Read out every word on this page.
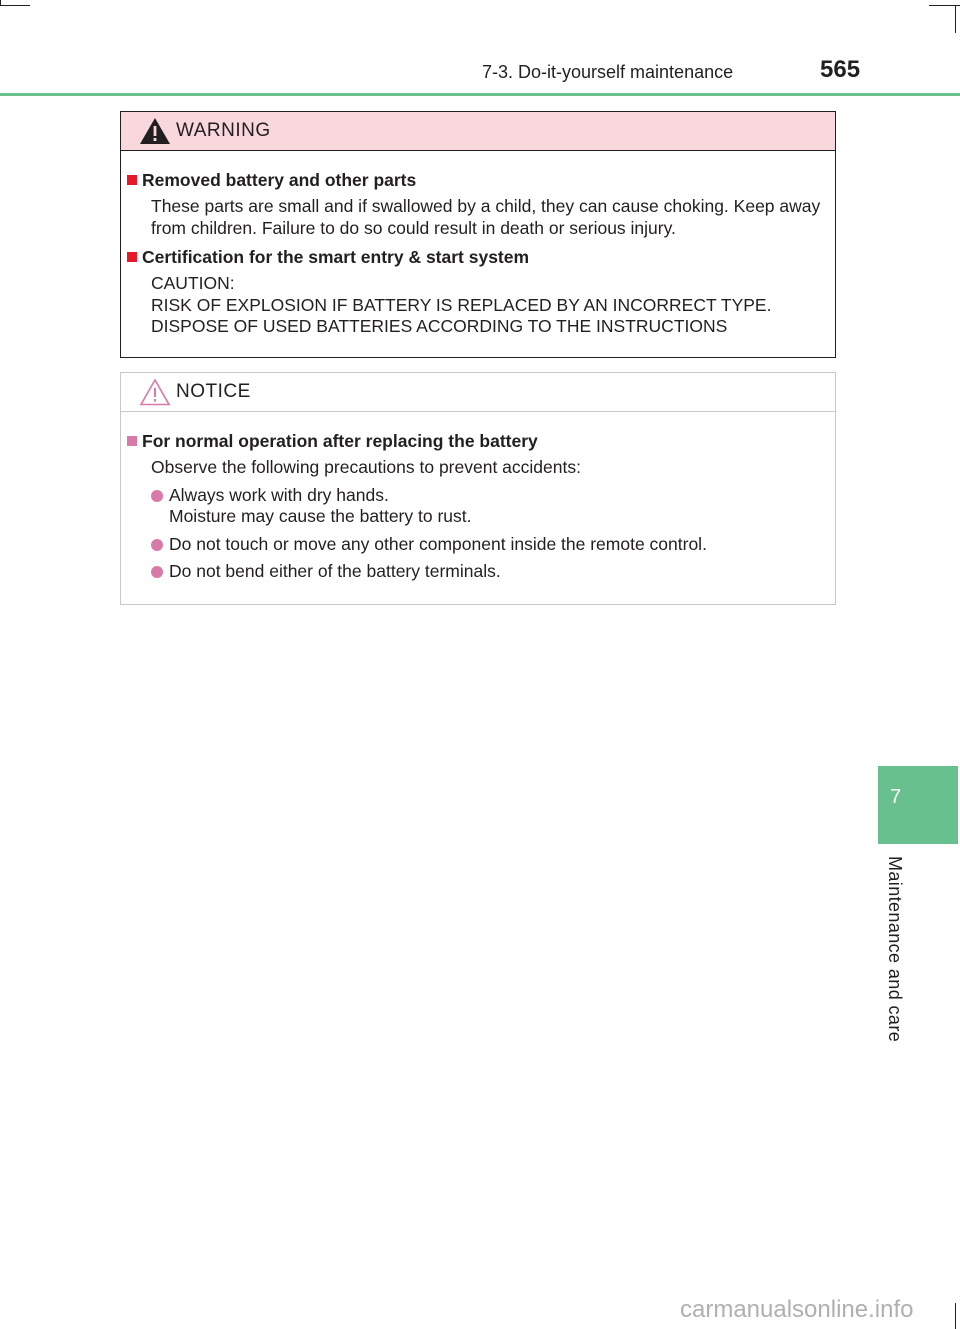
7-3. Do-it-yourself maintenance	565
WARNING
Removed battery and other parts
These parts are small and if swallowed by a child, they can cause choking. Keep away
from children. Failure to do so could result in death or serious injury.
Certification for the smart entry & start system
CAUTION:
RISK OF EXPLOSION IF BATTERY IS REPLACED BY AN INCORRECT TYPE.
DISPOSE OF USED BATTERIES ACCORDING TO THE INSTRUCTIONS
NOTICE
For normal operation after replacing the battery
Observe the following precautions to prevent accidents:
Always work with dry hands.
Moisture may cause the battery to rust.
Do not touch or move any other component inside the remote control.
Do not bend either of the battery terminals.
7
Maintenance and care
carmanualsonline.info
